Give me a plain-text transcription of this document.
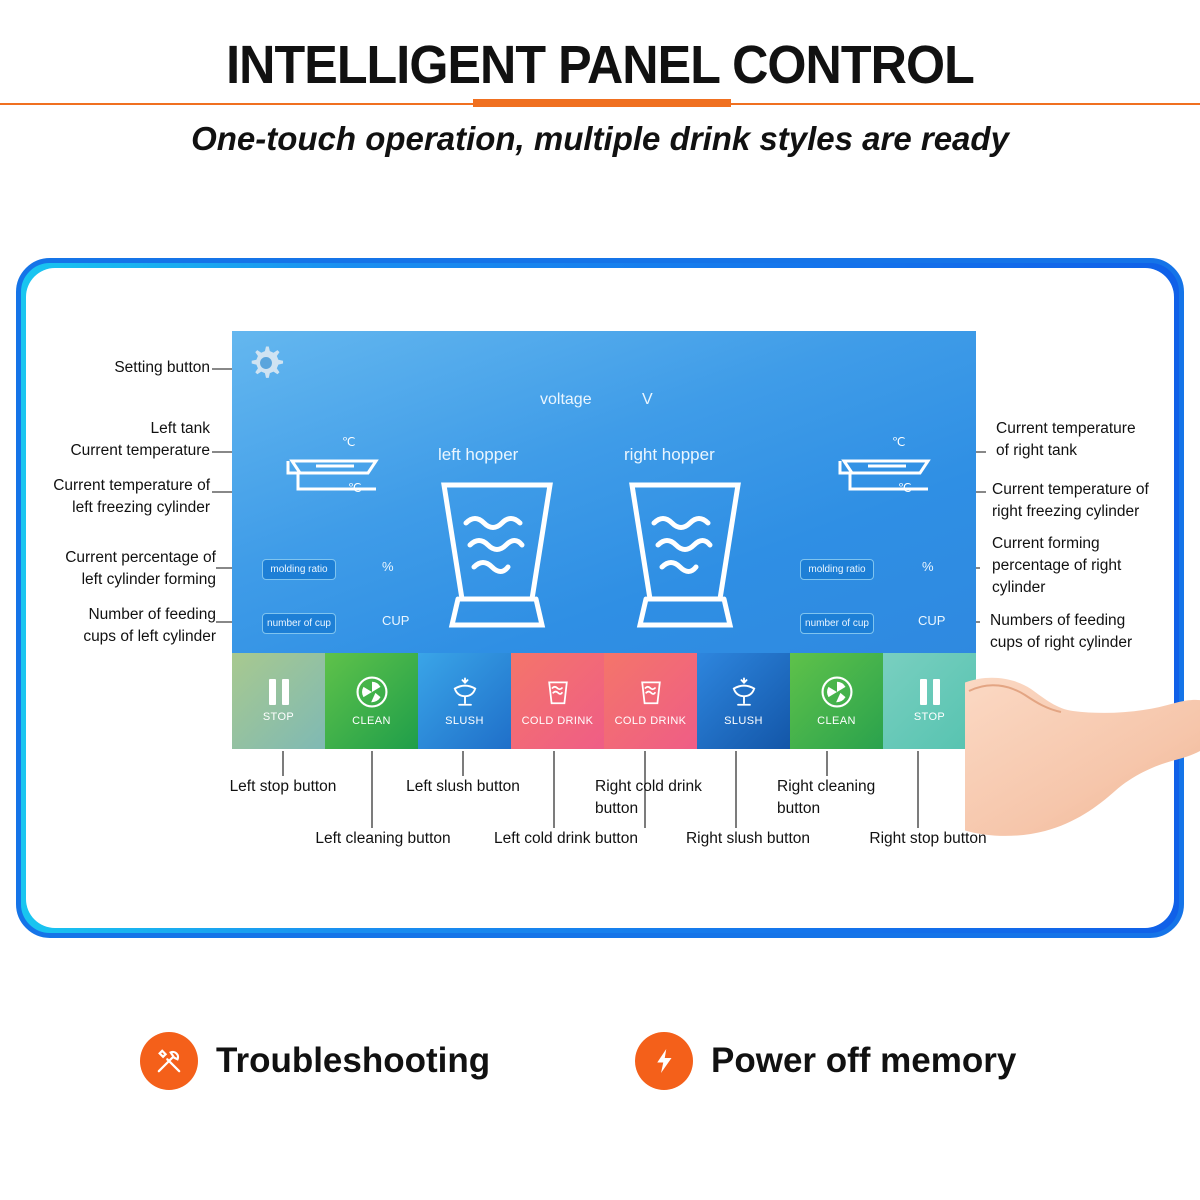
INTELLIGENT PANEL CONTROL
One-touch operation, multiple drink styles are ready
voltage	V
left hopper	right hopper
℃
℃
℃
℃
molding ratio	%
number of cup	CUP
molding ratio	%
number of cup	CUP
STOP	CLEAN	SLUSH	COLD DRINK COLD DRINK	SLUSH	CLEAN	STOP
Setting button
Left tank
Current temperature
Current temperature of
left freezing cylinder
Current percentage of
left cylinder forming
Number of feeding
cups of left cylinder
Current temperature
of right tank
Current temperature of
right freezing cylinder
Current forming
percentage of right
cylinder
Numbers of feeding
cups of right cylinder
Left stop button	Left slush button	Right cold drink
button
Right cleaning
button
Left cleaning button	Left cold drink button	Right slush button	Right stop button
Troubleshooting	Power off memory
